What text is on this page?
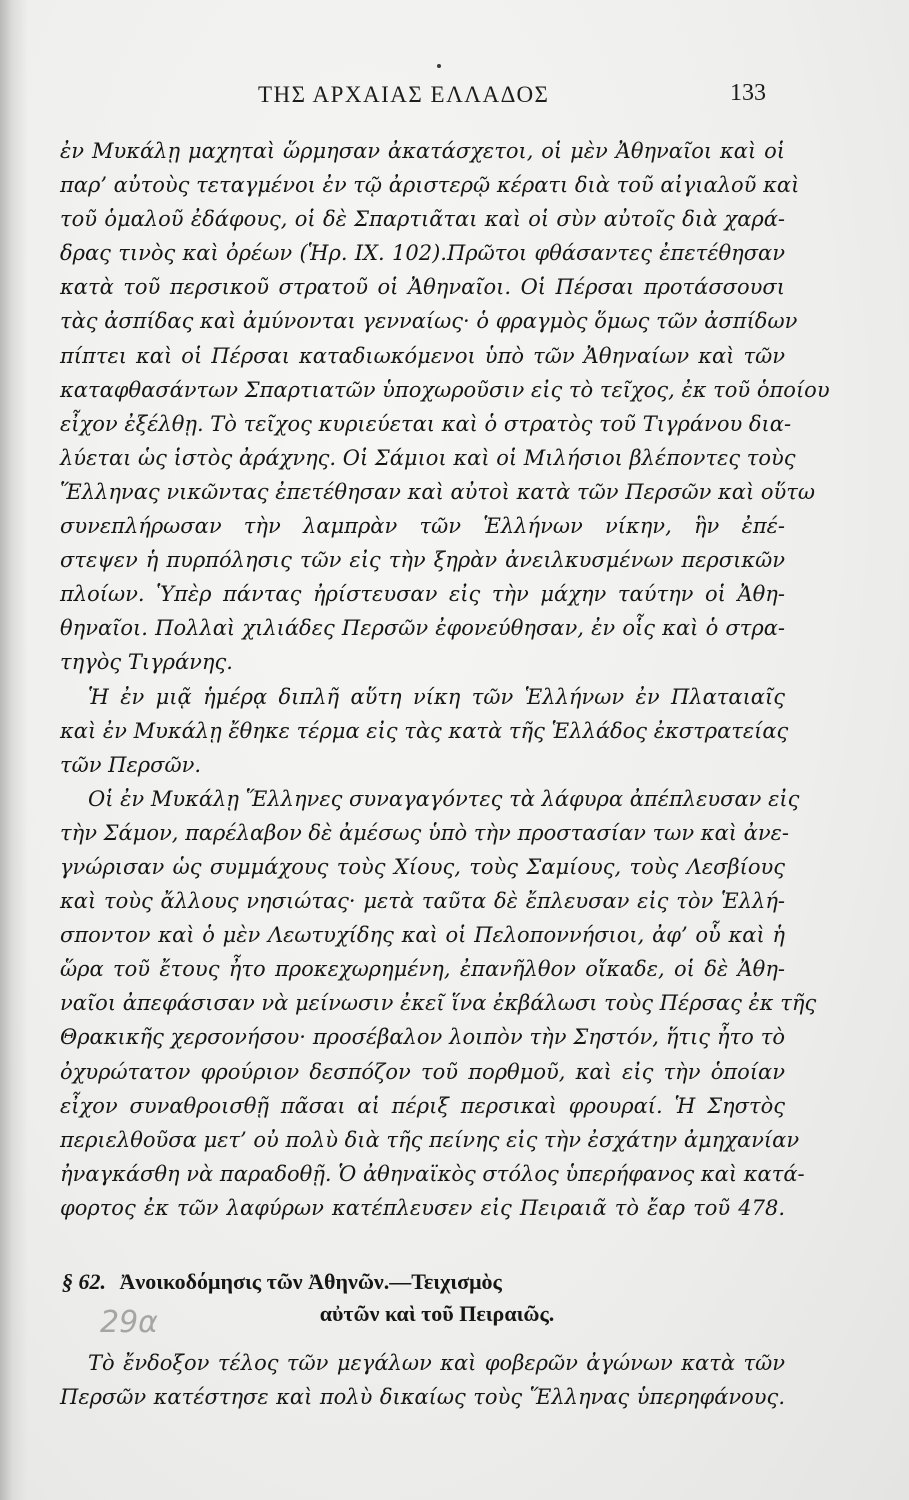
ΤΗΣ ΑΡΧΑΙΑΣ ΕΛΛΑΔΟΣ	133
ἐν Μυκάλῃ μαχηταὶ ὥρμησαν ἀκατάσχετοι, οἱ μὲν Ἀθηναῖοι καὶ οἱ
παρ’ αὐτοὺς τεταγμένοι ἐν τῷ ἀριστερῷ κέρατι διὰ τοῦ αἰγιαλοῦ καὶ
τοῦ ὁμαλοῦ ἐδάφους, οἱ δὲ Σπαρτιᾶται καὶ οἱ σὺν αὐτοῖς διὰ χαρά-
δρας τινὸς καὶ ὀρέων (Ἡρ. IX. 102).Πρῶτοι φθάσαντες ἐπετέθησαν
κατὰ τοῦ περσικοῦ στρατοῦ οἱ Ἀθηναῖοι. Οἱ Πέρσαι προτάσσουσι
τὰς ἀσπίδας καὶ ἀμύνονται γενναίως· ὁ φραγμὸς ὅμως τῶν ἀσπίδων
πίπτει καὶ οἱ Πέρσαι καταδιωκόμενοι ὑπὸ τῶν Ἀθηναίων καὶ τῶν
καταφθασάντων Σπαρτιατῶν ὑποχωροῦσιν εἰς τὸ τεῖχος, ἐκ τοῦ ὁποίου
εἶχον ἐξέλθῃ. Τὸ τεῖχος κυριεύεται καὶ ὁ στρατὸς τοῦ Τιγράνου δια-
λύεται ὡς ἱστὸς ἀράχνης. Οἱ Σάμιοι καὶ οἱ Μιλήσιοι βλέποντες τοὺς
Ἕλληνας νικῶντας ἐπετέθησαν καὶ αὐτοὶ κατὰ τῶν Περσῶν καὶ οὕτω
συνεπλήρωσαν τὴν λαμπρὰν τῶν Ἑλλήνων νίκην, ἣν ἐπέ-
στεψεν ἡ πυρπόλησις τῶν εἰς τὴν ξηρὰν ἀνειλκυσμένων περσικῶν
πλοίων. Ὑπὲρ πάντας ἠρίστευσαν εἰς τὴν μάχην ταύτην οἱ Ἀθη-
θηναῖοι. Πολλαὶ χιλιάδες Περσῶν ἐφονεύθησαν, ἐν οἷς καὶ ὁ στρα-
τηγὸς Τιγράνης.
Ἡ ἐν μιᾷ ἡμέρᾳ διπλῆ αὕτη νίκη τῶν Ἑλλήνων ἐν Πλαταιαῖς
καὶ ἐν Μυκάλῃ ἔθηκε τέρμα εἰς τὰς κατὰ τῆς Ἑλλάδος ἐκστρατείας
τῶν Περσῶν.
Οἱ ἐν Μυκάλῃ Ἕλληνες συναγαγόντες τὰ λάφυρα ἀπέπλευσαν εἰς
τὴν Σάμον, παρέλαβον δὲ ἀμέσως ὑπὸ τὴν προστασίαν των καὶ ἀνε-
γνώρισαν ὡς συμμάχους τοὺς Χίους, τοὺς Σαμίους, τοὺς Λεσβίους
καὶ τοὺς ἄλλους νησιώτας· μετὰ ταῦτα δὲ ἔπλευσαν εἰς τὸν Ἑλλή-
σποντον καὶ ὁ μὲν Λεωτυχίδης καὶ οἱ Πελοποννήσιοι, ἀφ’ οὗ καὶ ἡ
ὥρα τοῦ ἔτους ἦτο προκεχωρημένη, ἐπανῆλθον οἴκαδε, οἱ δὲ Ἀθη-
ναῖοι ἀπεφάσισαν νὰ μείνωσιν ἐκεῖ ἵνα ἐκβάλωσι τοὺς Πέρσας ἐκ τῆς
Θρακικῆς χερσονήσου· προσέβαλον λοιπὸν τὴν Σηστόν, ἥτις ἦτο τὸ
ὀχυρώτατον φρούριον δεσπόζον τοῦ πορθμοῦ, καὶ εἰς τὴν ὁποίαν
εἶχον συναθροισθῇ πᾶσαι αἱ πέριξ περσικαὶ φρουραί. Ἡ Σηστὸς
περιελθοῦσα μετ’ οὐ πολὺ διὰ τῆς πείνης εἰς τὴν ἐσχάτην ἀμηχανίαν
ἠναγκάσθη νὰ παραδοθῇ. Ὁ ἀθηναϊκὸς στόλος ὑπερήφανος καὶ κατά-
φορτος ἐκ τῶν λαφύρων κατέπλευσεν εἰς Πειραιᾶ τὸ ἔαρ τοῦ 478.
§ 62. Ἀνοικοδόμησις τῶν Ἀθηνῶν.—Τειχισμὸς
αὐτῶν καὶ τοῦ Πειραιῶς.
29α
Τὸ ἔνδοξον τέλος τῶν μεγάλων καὶ φοβερῶν ἀγώνων κατὰ τῶν
Περσῶν κατέστησε καὶ πολὺ δικαίως τοὺς Ἕλληνας ὑπερηφάνους.
